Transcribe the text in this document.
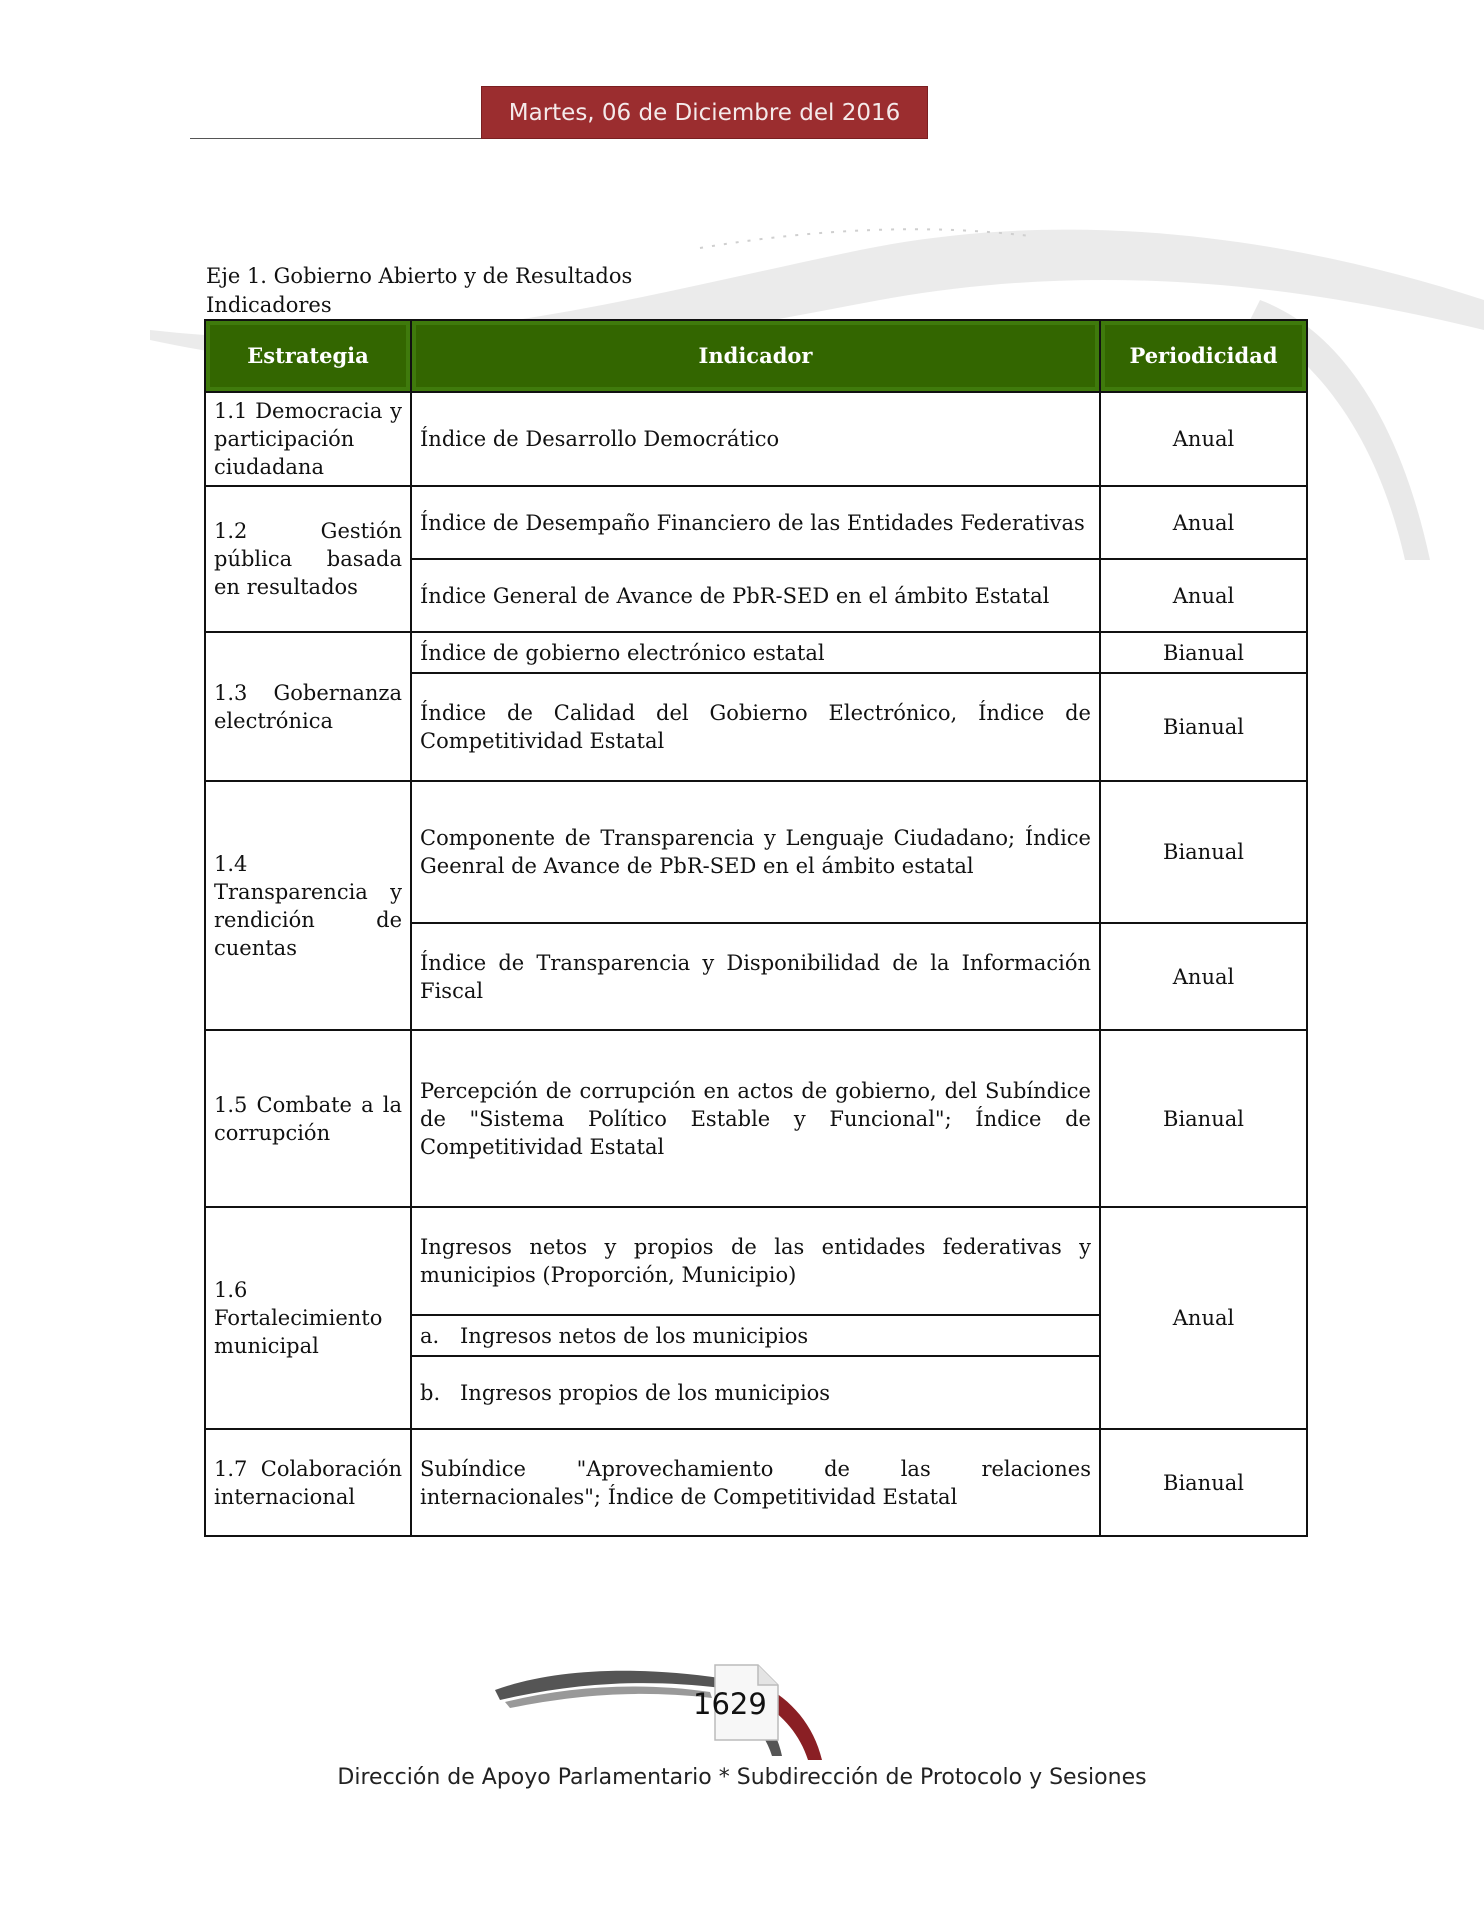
Martes, 06 de Diciembre del 2016
Eje 1. Gobierno Abierto y de Resultados
Indicadores
Estrategia	Indicador	Periodicidad
1.1 Democracia y participación ciudadana	Índice de Desarrollo Democrático	Anual
1.2 Gestión pública basada en resultados	Índice de Desempaño Financiero de las Entidades Federativas	Anual
	Índice General de Avance de PbR-SED en el ámbito Estatal	Anual
1.3 Gobernanza electrónica	Índice de gobierno electrónico estatal	Bianual
	Índice de Calidad del Gobierno Electrónico, Índice de Competitividad Estatal	Bianual
1.4 Transparencia y rendición de cuentas	Componente de Transparencia y Lenguaje Ciudadano; Índice Geenral de Avance de PbR-SED en el ámbito estatal	Bianual
	Índice de Transparencia y Disponibilidad de la Información Fiscal	Anual
1.5 Combate a la corrupción	Percepción de corrupción en actos de gobierno, del Subíndice de "Sistema Político Estable y Funcional"; Índice de Competitividad Estatal	Bianual
1.6 Fortalecimiento municipal	Ingresos netos y propios de las entidades federativas y municipios (Proporción, Municipio)	Anual
	a. Ingresos netos de los municipios	
	b. Ingresos propios de los municipios	
1.7 Colaboración internacional	Subíndice "Aprovechamiento de las relaciones internacionales"; Índice de Competitividad Estatal	Bianual
1629
Dirección de Apoyo Parlamentario * Subdirección de Protocolo y Sesiones
